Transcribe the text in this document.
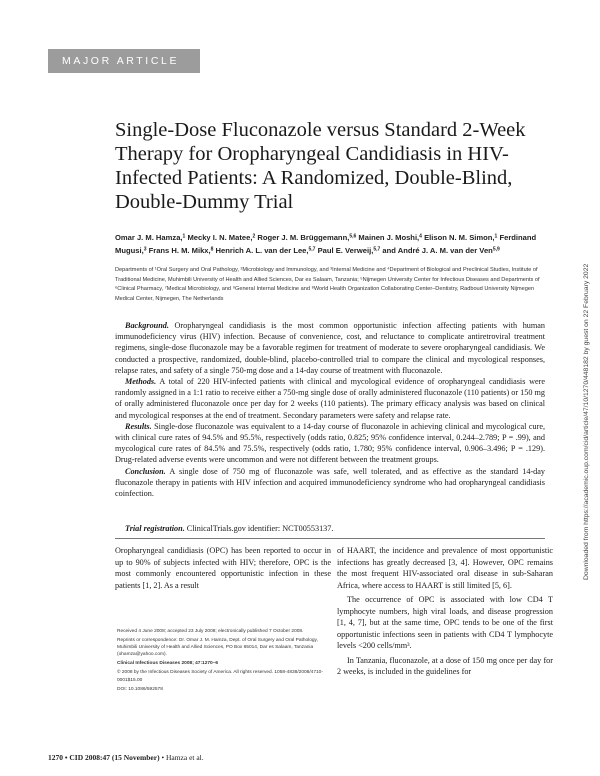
MAJOR ARTICLE
Single-Dose Fluconazole versus Standard 2-Week Therapy for Oropharyngeal Candidiasis in HIV-Infected Patients: A Randomized, Double-Blind, Double-Dummy Trial
Omar J. M. Hamza,$^1$ Mecky I. N. Matee,$^2$ Roger J. M. Brüggemann,$^{5,6}$ Mainen J. Moshi,$^4$ Elison N. M. Simon,$^1$ Ferdinand Mugusi,$^3$ Frans H. M. Mikx,$^8$ Henrich A. L. van der Lee,$^{5,7}$ Paul E. Verweij,$^{5,7}$ and André J. A. M. van der Ven$^{5,9}$
Departments of ¹Oral Surgery and Oral Pathology, ²Microbiology and Immunology, and ³Internal Medicine and ⁴Department of Biological and Preclinical Studies, Institute of Traditional Medicine, Muhimbili University of Health and Allied Sciences, Dar es Salaam, Tanzania; ⁵Nijmegen University Center for Infectious Diseases and Departments of ⁶Clinical Pharmacy, ⁷Medical Microbiology, and ⁹General Internal Medicine and ⁸World Health Organization Collaborating Center–Dentistry, Radboud University Nijmegen Medical Center, Nijmegen, The Netherlands

Background. Oropharyngeal candidiasis is the most common opportunistic infection affecting patients with human immunodeficiency virus (HIV) infection. Because of convenience, cost, and reluctance to complicate antiretroviral treatment regimens, single-dose fluconazole may be a favorable regimen for treatment of moderate to severe oropharyngeal candidiasis. We conducted a prospective, randomized, double-blind, placebo-controlled trial to compare the clinical and mycological responses, relapse rates, and safety of a single 750-mg dose and a 14-day course of treatment with fluconazole.

Methods. A total of 220 HIV-infected patients with clinical and mycological evidence of oropharyngeal candidiasis were randomly assigned in a 1:1 ratio to receive either a 750-mg single dose of orally administered fluconazole (110 patients) or 150 mg of orally administered fluconazole once per day for 2 weeks (110 patients). The primary efficacy analysis was based on clinical and mycological responses at the end of treatment. Secondary parameters were safety and relapse rate.

Results. Single-dose fluconazole was equivalent to a 14-day course of fluconazole in achieving clinical and mycological cure, with clinical cure rates of 94.5% and 95.5%, respectively (odds ratio, 0.825; 95% confidence interval, 0.244–2.789; P = .99), and mycological cure rates of 84.5% and 75.5%, respectively (odds ratio, 1.780; 95% confidence interval, 0.906–3.496; P = .129). Drug-related adverse events were uncommon and were not different between the treatment groups.

Conclusion. A single dose of 750 mg of fluconazole was safe, well tolerated, and as effective as the standard 14-day fluconazole therapy in patients with HIV infection and acquired immunodeficiency syndrome who had oropharyngeal candidiasis coinfection.

Trial registration. ClinicalTrials.gov identifier: NCT00553137.

Oropharyngeal candidiasis (OPC) has been reported to occur in up to 90% of subjects infected with HIV; therefore, OPC is the most commonly encountered opportunistic infection in these patients [1, 2]. As a result

of HAART, the incidence and prevalence of most opportunistic infections has greatly decreased [3, 4]. However, OPC remains the most frequent HIV-associated oral disease in sub-Saharan Africa, where access to HAART is still limited [5, 6].

The occurrence of OPC is associated with low CD4 T lymphocyte numbers, high viral loads, and disease progression [1, 4, 7], but at the same time, OPC tends to be one of the first opportunistic infections seen in patients with CD4 T lymphocyte levels <200 cells/mm³.

In Tanzania, fluconazole, at a dose of 150 mg once per day for 2 weeks, is included in the guidelines for

Received 4 June 2008; accepted 23 July 2008; electronically published 7 October 2008.

Reprints or correspondence: Dr. Omar J. M. Hamza, Dept. of Oral Surgery and Oral Pathology, Muhimbili University of Health and Allied Sciences, PO Box 65014, Dar es Salaam, Tanzania (ohamza@yahoo.com).

Clinical Infectious Diseases 2008; 47:1270–6

© 2008 by the Infectious Diseases Society of America. All rights reserved. 1058-4838/2008/4710-0001$15.00

DOI: 10.1086/592578

Downloaded from https://academic.oup.com/cid/article/47/10/1270/448182 by guest on 22 February 2022
1270 • CID 2008:47 (15 November) • Hamza et al.
